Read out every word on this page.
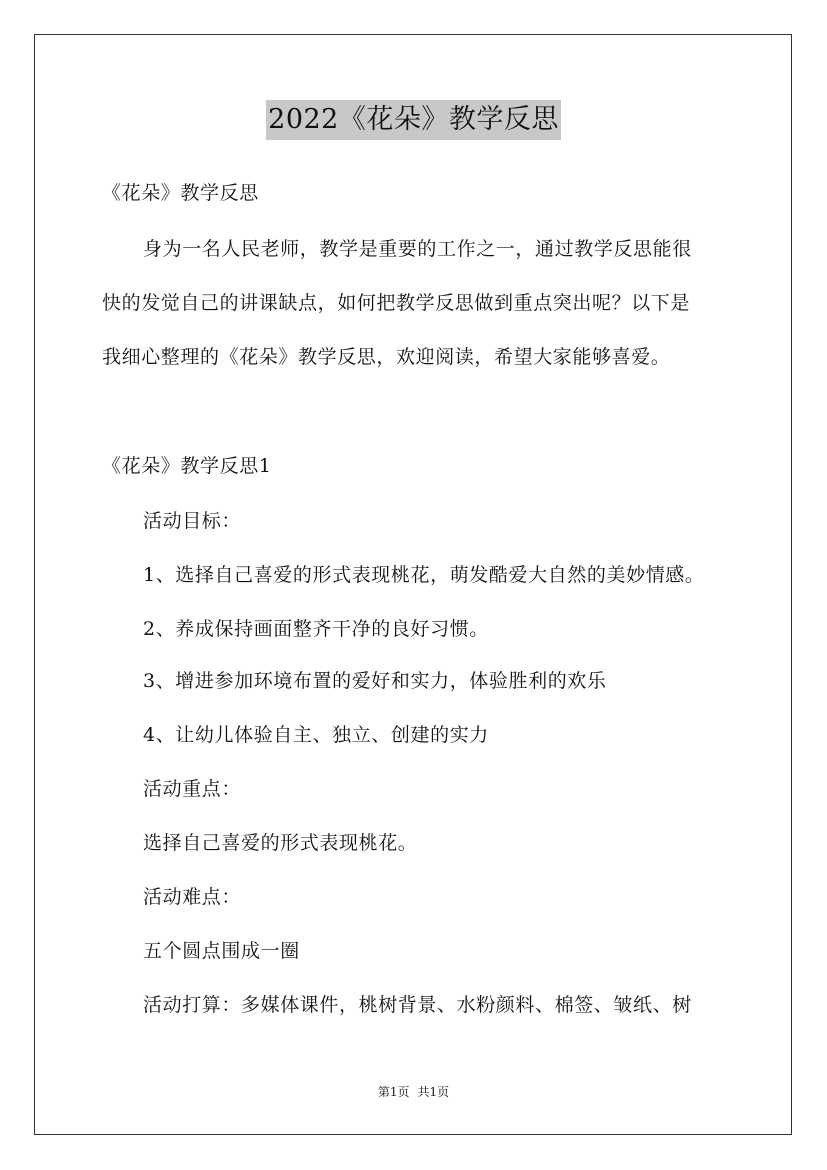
2022《花朵》教学反思
《花朵》教学反思
身为一名人民老师，教学是重要的工作之一，通过教学反思能很
快的发觉自己的讲课缺点，如何把教学反思做到重点突出呢？以下是
我细心整理的《花朵》教学反思，欢迎阅读，希望大家能够喜爱。
《花朵》教学反思1
活动目标：
1、选择自己喜爱的形式表现桃花，萌发酷爱大自然的美妙情感。
2、养成保持画面整齐干净的良好习惯。
3、增进参加环境布置的爱好和实力，体验胜利的欢乐
4、让幼儿体验自主、独立、创建的实力
活动重点：
选择自己喜爱的形式表现桃花。
活动难点：
五个圆点围成一圈
活动打算：多媒体课件，桃树背景、水粉颜料、棉签、皱纸、树
第1页 共1页
